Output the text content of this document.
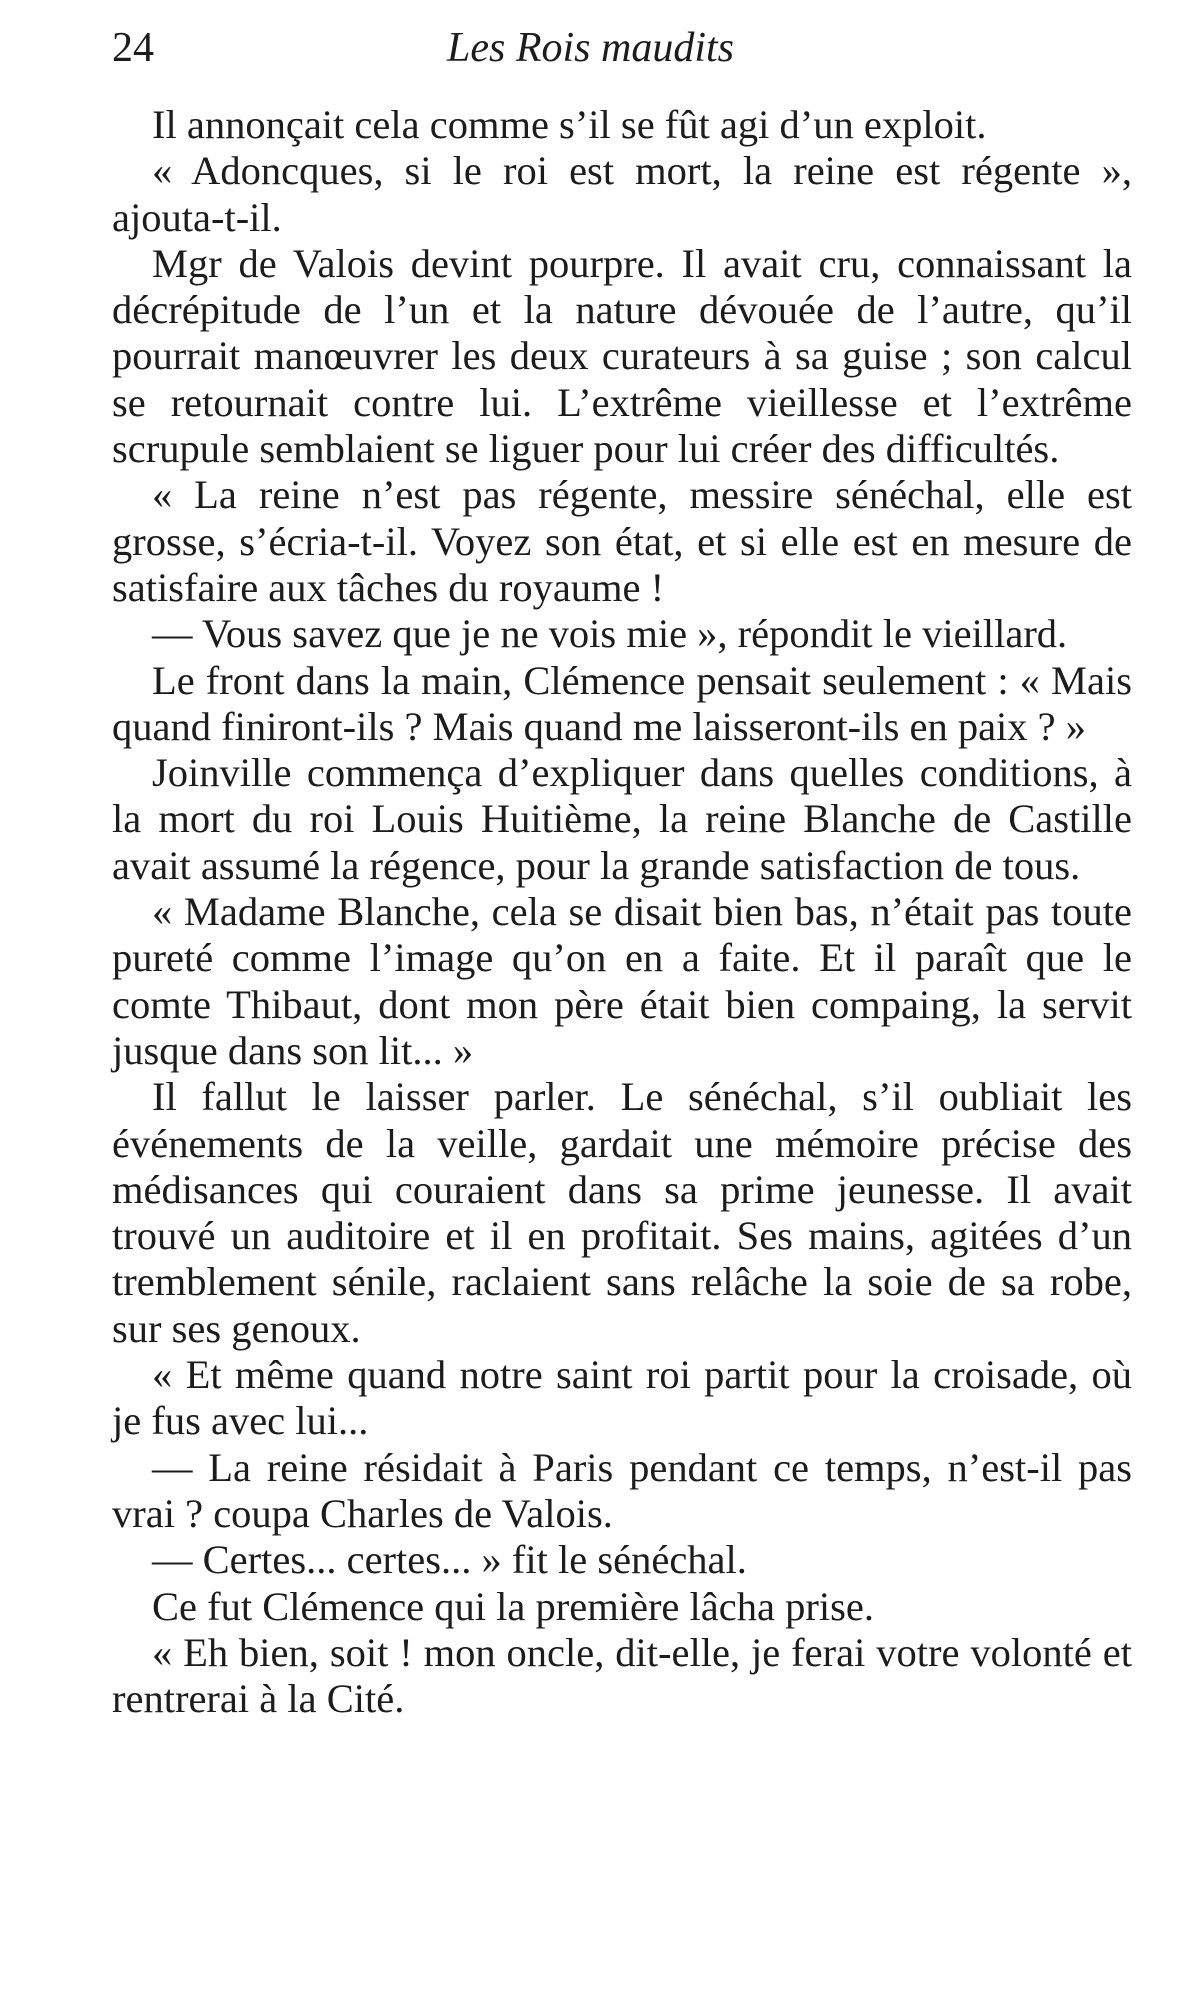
24	Les Rois maudits

Il annonçait cela comme s’il se fût agi d’un exploit.

« Adoncques, si le roi est mort, la reine est régente », ajouta-t-il.

Mgr de Valois devint pourpre. Il avait cru, connaissant la décrépitude de l’un et la nature dévouée de l’autre, qu’il pourrait manœuvrer les deux curateurs à sa guise ; son calcul se retournait contre lui. L’extrême vieillesse et l’extrême scrupule semblaient se liguer pour lui créer des difficultés.

« La reine n’est pas régente, messire sénéchal, elle est grosse, s’écria-t-il. Voyez son état, et si elle est en mesure de satisfaire aux tâches du royaume !

— Vous savez que je ne vois mie », répondit le vieillard.

Le front dans la main, Clémence pensait seulement : « Mais quand finiront-ils ? Mais quand me laisseront-ils en paix ? »

Joinville commença d’expliquer dans quelles conditions, à la mort du roi Louis Huitième, la reine Blanche de Castille avait assumé la régence, pour la grande satisfaction de tous.

« Madame Blanche, cela se disait bien bas, n’était pas toute pureté comme l’image qu’on en a faite. Et il paraît que le comte Thibaut, dont mon père était bien compaing, la servit jusque dans son lit... »

Il fallut le laisser parler. Le sénéchal, s’il oubliait les événements de la veille, gardait une mémoire précise des médisances qui couraient dans sa prime jeunesse. Il avait trouvé un auditoire et il en profitait. Ses mains, agitées d’un tremblement sénile, raclaient sans relâche la soie de sa robe, sur ses genoux.

« Et même quand notre saint roi partit pour la croisade, où je fus avec lui...

— La reine résidait à Paris pendant ce temps, n’est-il pas vrai ? coupa Charles de Valois.

— Certes... certes... » fit le sénéchal.

Ce fut Clémence qui la première lâcha prise.

« Eh bien, soit ! mon oncle, dit-elle, je ferai votre volonté et rentrerai à la Cité.
